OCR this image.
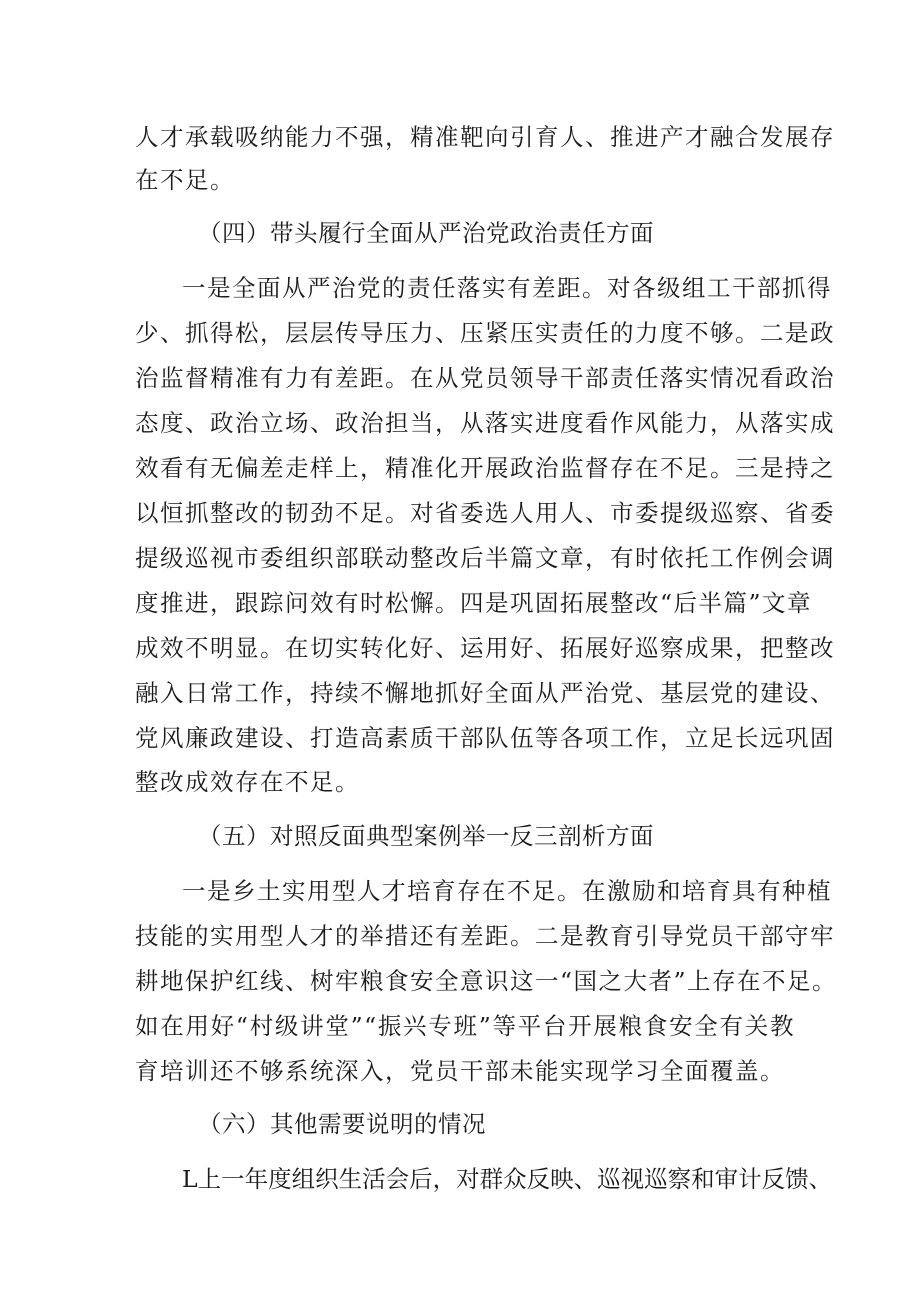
人才承载吸纳能力不强，精准靶向引育人、推进产才融合发展存
在不足。
（四）带头履行全面从严治党政治责任方面
一是全面从严治党的责任落实有差距。对各级组工干部抓得
少、抓得松，层层传导压力、压紧压实责任的力度不够。二是政
治监督精准有力有差距。在从党员领导干部责任落实情况看政治
态度、政治立场、政治担当，从落实进度看作风能力，从落实成
效看有无偏差走样上，精准化开展政治监督存在不足。三是持之
以恒抓整改的韧劲不足。对省委选人用人、市委提级巡察、省委
提级巡视市委组织部联动整改后半篇文章，有时依托工作例会调
度推进，跟踪问效有时松懈。四是巩固拓展整改“后半篇”文章
成效不明显。在切实转化好、运用好、拓展好巡察成果，把整改
融入日常工作，持续不懈地抓好全面从严治党、基层党的建设、
党风廉政建设、打造高素质干部队伍等各项工作，立足长远巩固
整改成效存在不足。
（五）对照反面典型案例举一反三剖析方面
一是乡土实用型人才培育存在不足。在激励和培育具有种植
技能的实用型人才的举措还有差距。二是教育引导党员干部守牢
耕地保护红线、树牢粮食安全意识这一“国之大者”上存在不足。
如在用好“村级讲堂”“振兴专班”等平台开展粮食安全有关教
育培训还不够系统深入，党员干部未能实现学习全面覆盖。
（六）其他需要说明的情况
L上一年度组织生活会后，对群众反映、巡视巡察和审计反馈、
